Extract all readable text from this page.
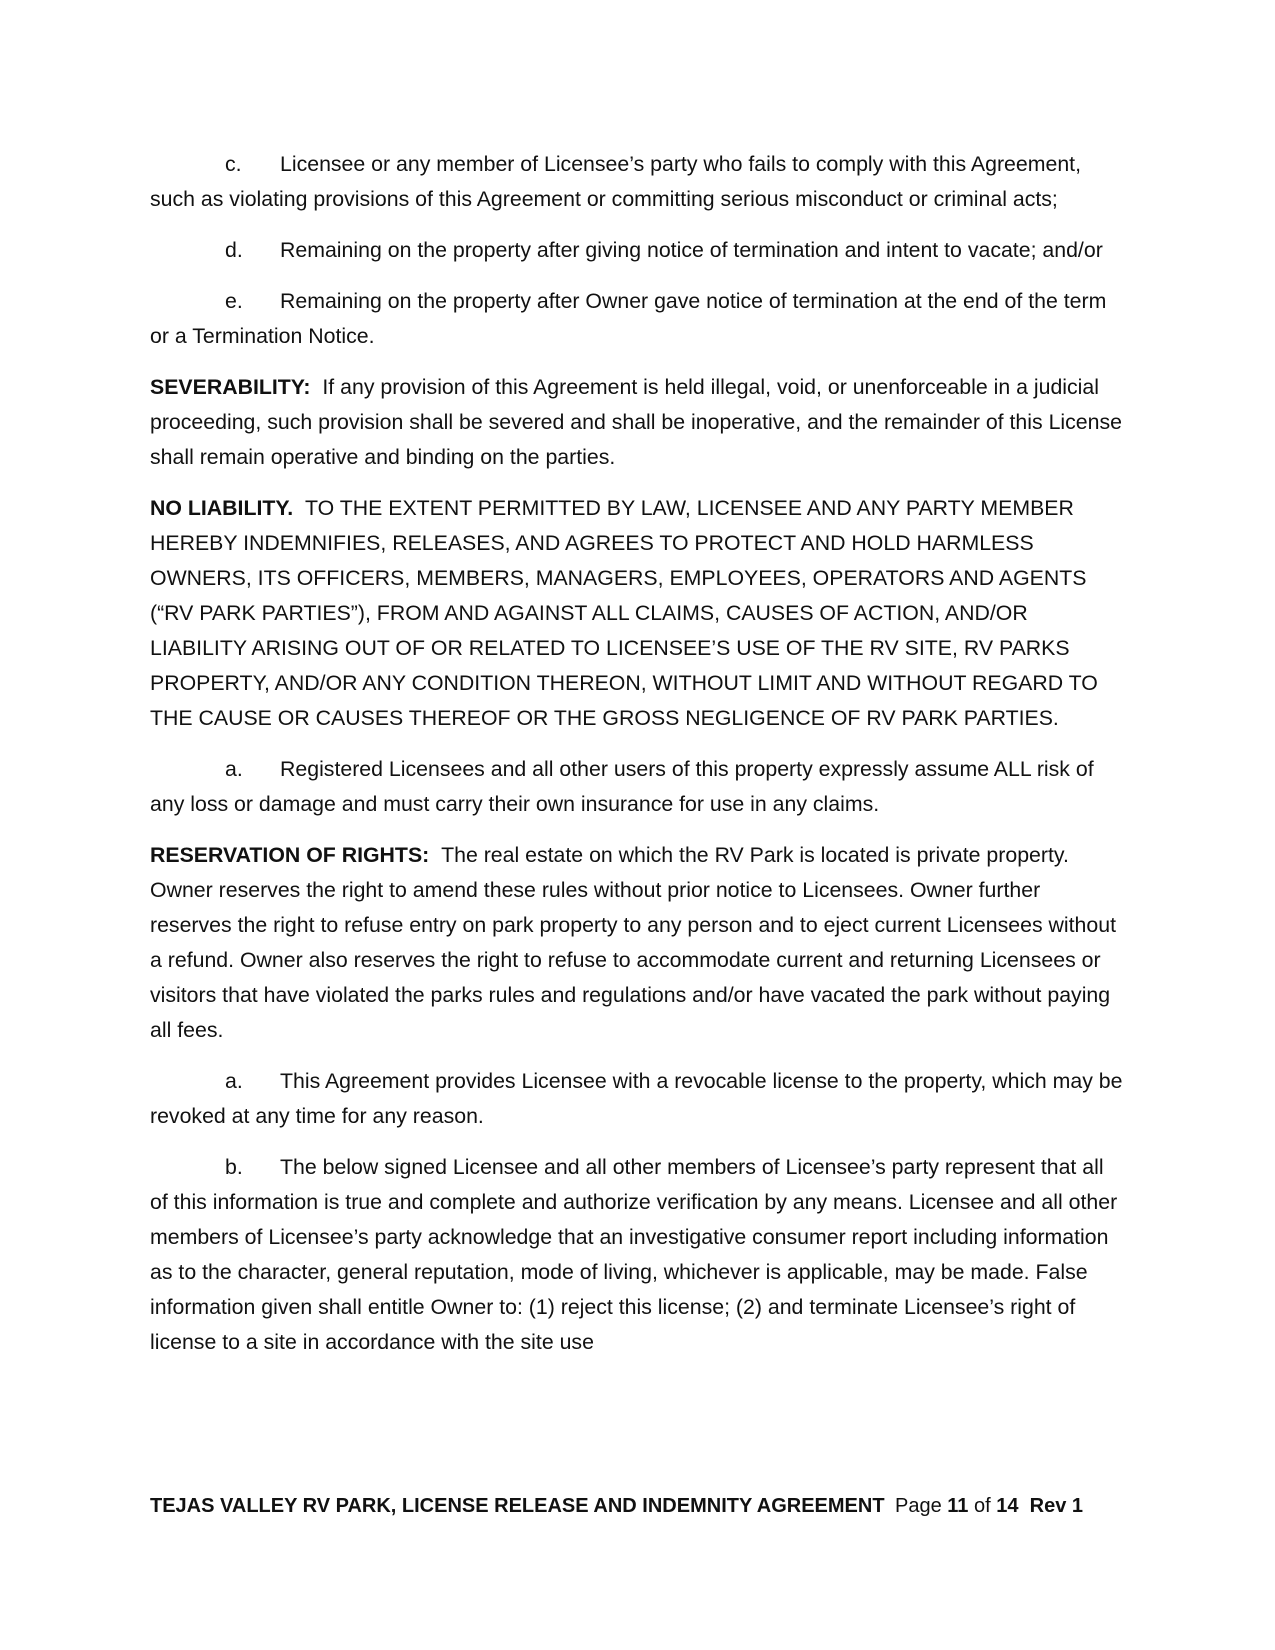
c. Licensee or any member of Licensee’s party who fails to comply with this Agreement, such as violating provisions of this Agreement or committing serious misconduct or criminal acts;

d. Remaining on the property after giving notice of termination and intent to vacate; and/or

e. Remaining on the property after Owner gave notice of termination at the end of the term or a Termination Notice.

SEVERABILITY: If any provision of this Agreement is held illegal, void, or unenforceable in a judicial proceeding, such provision shall be severed and shall be inoperative, and the remainder of this License shall remain operative and binding on the parties.

NO LIABILITY. TO THE EXTENT PERMITTED BY LAW, LICENSEE AND ANY PARTY MEMBER HEREBY INDEMNIFIES, RELEASES, AND AGREES TO PROTECT AND HOLD HARMLESS OWNERS, ITS OFFICERS, MEMBERS, MANAGERS, EMPLOYEES, OPERATORS AND AGENTS (“RV PARK PARTIES”), FROM AND AGAINST ALL CLAIMS, CAUSES OF ACTION, AND/OR LIABILITY ARISING OUT OF OR RELATED TO LICENSEE’S USE OF THE RV SITE, RV PARKS PROPERTY, AND/OR ANY CONDITION THEREON, WITHOUT LIMIT AND WITHOUT REGARD TO THE CAUSE OR CAUSES THEREOF OR THE GROSS NEGLIGENCE OF RV PARK PARTIES.

a. Registered Licensees and all other users of this property expressly assume ALL risk of any loss or damage and must carry their own insurance for use in any claims.

RESERVATION OF RIGHTS: The real estate on which the RV Park is located is private property. Owner reserves the right to amend these rules without prior notice to Licensees. Owner further reserves the right to refuse entry on park property to any person and to eject current Licensees without a refund. Owner also reserves the right to refuse to accommodate current and returning Licensees or visitors that have violated the parks rules and regulations and/or have vacated the park without paying all fees.

a. This Agreement provides Licensee with a revocable license to the property, which may be revoked at any time for any reason.

b. The below signed Licensee and all other members of Licensee’s party represent that all of this information is true and complete and authorize verification by any means. Licensee and all other members of Licensee’s party acknowledge that an investigative consumer report including information as to the character, general reputation, mode of living, whichever is applicable, may be made. False information given shall entitle Owner to: (1) reject this license; (2) and terminate Licensee’s right of license to a site in accordance with the site use

TEJAS VALLEY RV PARK, LICENSE RELEASE AND INDEMNITY AGREEMENT Page 11 of 14 Rev 1
